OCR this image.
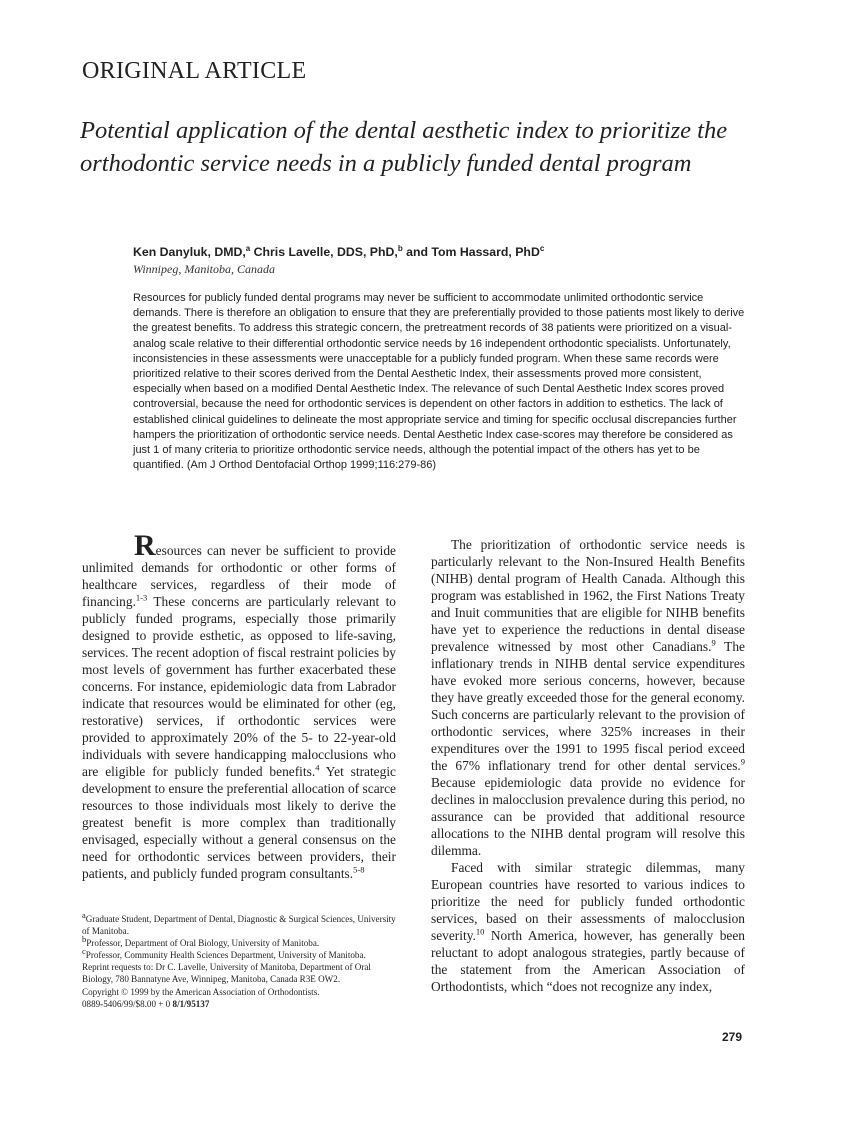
ORIGINAL ARTICLE
Potential application of the dental aesthetic index to prioritize the orthodontic service needs in a publicly funded dental program
Ken Danyluk, DMD,$^a$ Chris Lavelle, DDS, PhD,$^b$ and Tom Hassard, PhD$^c$
Winnipeg, Manitoba, Canada
Resources for publicly funded dental programs may never be sufficient to accommodate unlimited orthodontic service demands. There is therefore an obligation to ensure that they are preferentially provided to those patients most likely to derive the greatest benefits. To address this strategic concern, the pretreatment records of 38 patients were prioritized on a visual-analog scale relative to their differential orthodontic service needs by 16 independent orthodontic specialists. Unfortunately, inconsistencies in these assessments were unacceptable for a publicly funded program. When these same records were prioritized relative to their scores derived from the Dental Aesthetic Index, their assessments proved more consistent, especially when based on a modified Dental Aesthetic Index. The relevance of such Dental Aesthetic Index scores proved controversial, because the need for orthodontic services is dependent on other factors in addition to esthetics. The lack of established clinical guidelines to delineate the most appropriate service and timing for specific occlusal discrepancies further hampers the prioritization of orthodontic service needs. Dental Aesthetic Index case-scores may therefore be considered as just 1 of many criteria to prioritize orthodontic service needs, although the potential impact of the others has yet to be quantified. (Am J Orthod Dentofacial Orthop 1999;116:279-86)

Resources can never be sufficient to provide unlimited demands for orthodontic or other forms of healthcare services, regardless of their mode of financing.$^{1-3}$ These concerns are particularly relevant to publicly funded programs, especially those primarily designed to provide esthetic, as opposed to life-saving, services. The recent adoption of fiscal restraint policies by most levels of government has further exacerbated these concerns. For instance, epidemiologic data from Labrador indicate that resources would be eliminated for other (eg, restorative) services, if orthodontic services were provided to approximately 20% of the 5- to 22-year-old individuals with severe handicapping malocclusions who are eligible for publicly funded benefits.$^4$ Yet strategic development to ensure the preferential allocation of scarce resources to those individuals most likely to derive the greatest benefit is more complex than traditionally envisaged, especially without a general consensus on the need for orthodontic services between providers, their patients, and publicly funded program consultants.$^{5-8}$

$^a$Graduate Student, Department of Dental, Diagnostic & Surgical Sciences, University of Manitoba.
$^b$Professor, Department of Oral Biology, University of Manitoba.
$^c$Professor, Community Health Sciences Department, University of Manitoba.
Reprint requests to: Dr C. Lavelle, University of Manitoba, Department of Oral Biology, 780 Bannatyne Ave, Winnipeg, Manitoba, Canada R3E OW2.
Copyright © 1999 by the American Association of Orthodontists.
0889-5406/99/$8.00 + 0 8/1/95137

The prioritization of orthodontic service needs is particularly relevant to the Non-Insured Health Benefits (NIHB) dental program of Health Canada. Although this program was established in 1962, the First Nations Treaty and Inuit communities that are eligible for NIHB benefits have yet to experience the reductions in dental disease prevalence witnessed by most other Canadians.$^9$ The inflationary trends in NIHB dental service expenditures have evoked more serious concerns, however, because they have greatly exceeded those for the general economy. Such concerns are particularly relevant to the provision of orthodontic services, where 325% increases in their expenditures over the 1991 to 1995 fiscal period exceed the 67% inflationary trend for other dental services.$^9$ Because epidemiologic data provide no evidence for declines in malocclusion prevalence during this period, no assurance can be provided that additional resource allocations to the NIHB dental program will resolve this dilemma.

Faced with similar strategic dilemmas, many European countries have resorted to various indices to prioritize the need for publicly funded orthodontic services, based on their assessments of malocclusion severity.$^{10}$ North America, however, has generally been reluctant to adopt analogous strategies, partly because of the statement from the American Association of Orthodontists, which “does not recognize any index,

279
